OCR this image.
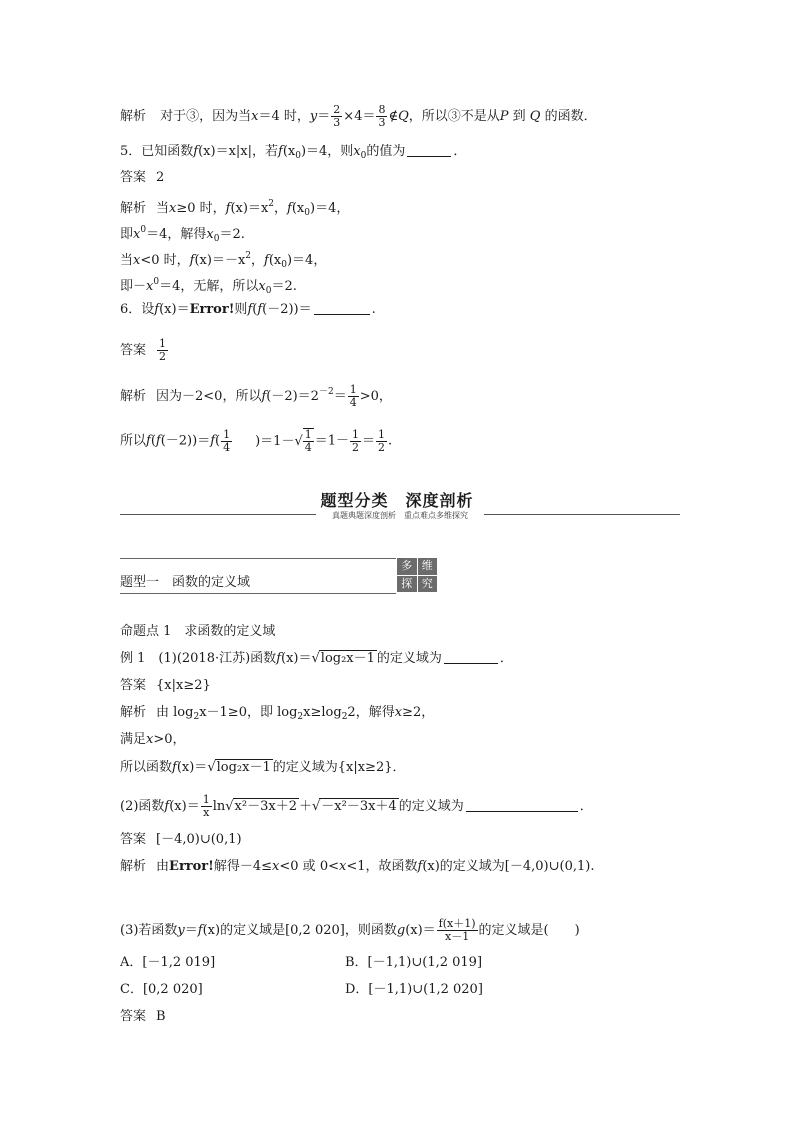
解析 对于③，因为当x＝4 时，$y= \frac{2}{3} \times 4= \frac{8}{3}$ ∉Q，所以③不是从P 到 Q 的函数．
5．已知函数f(x)＝x|x|，若$f(x_0)=4$，则$x_0$的值为	．
答案 2
解析 当x≥0 时，$f(x)=x^2$，$f(x_0)=4$，
即$x^0=4$，解得$x_0=2$.
当x<0 时，$f(x)=-x^2$，$f(x_0)=4$，
即$-x^0=4$，无解，所以$x_0=2$.
6．设f(x)＝Error!则f(f(－2))＝	.
答案 $\frac{1}{2}$
解析 因为－2<0，所以$f(-2)=2^{-2}= \frac{1}{4} >0$，
所以$f(f(-2))=f( \frac{1}{4} )=1-√ \frac{1}{4} =1- \frac{1}{2} = \frac{1}{2}$ .
题型分类　深度剖析
真题典题深度剖析　重点难点多维探究
题型一　函数的定义域
多 维
探 究
命题点 1　求函数的定义域
例 1　(1)(2018·江苏)函数f(x)＝√log₂x－1 的定义域为	．
答案 {x|x≥2}
解析 由 $\log_2x-1\ge 0$，即 $\log_2x\ge\log_22$，解得x≥2，
满足x>0，
所以函数f(x)＝√log₂x－1 的定义域为{x|x≥2}．
(2)函数$f(x)= \frac{1}{x} \ln√x^2-3x+2 +√-x^2-3x+4$ 的定义域为	．
答案 [－4,0)∪(0,1)
解析 由Error!解得－4≤x<0 或 0<x<1，故函数f(x)的定义域为[－4,0)∪(0,1).
(3)若函数y＝f(x)的定义域是[0,2 020]，则函数$g(x)= \frac{f(x+1)}{x-1}$ 的定义域是(　　)
A．[－1,2 019]	B．[－1,1)∪(1,2 019]
C．[0,2 020]	D．[－1,1)∪(1,2 020]
答案 B
